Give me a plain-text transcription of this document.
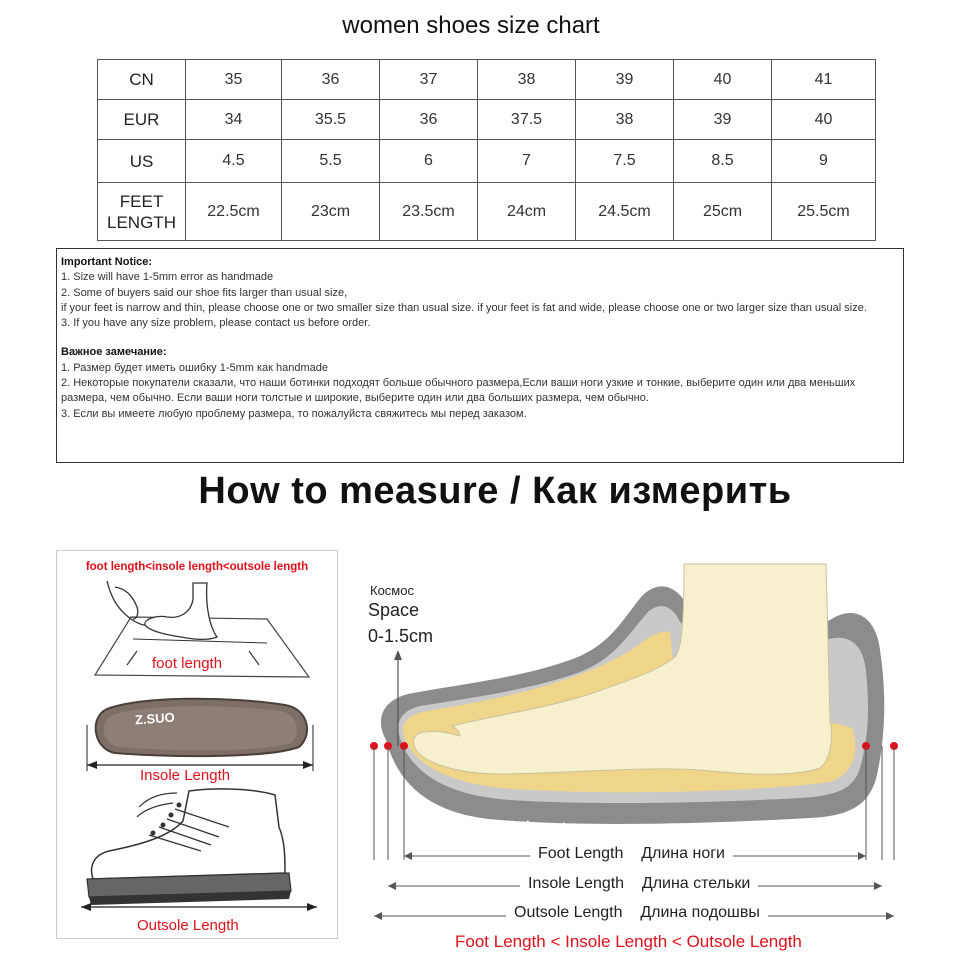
women shoes size chart
CN	35	36	37	38	39	40	41
EUR	34	35.5	36	37.5	38	39	40
US	4.5	5.5	6	7	7.5	8.5	9

FEET
LENGTH	22.5cm	23cm	23.5cm	24cm	24.5cm	25cm	25.5cm
Important Notice:
1. Size will have 1-5mm error as handmade
2. Some of buyers said our shoe fits larger than usual size,
if your feet is narrow and thin, please choose one or two smaller size than usual size. if your feet is fat and wide, please choose one or two larger size than usual size.
3. If you have any size problem, please contact us before order.
Важное замечание:
1. Размер будет иметь ошибку 1-5mm как handmade
2. Некоторые покупатели сказали, что наши ботинки подходят больше обычного размера,Если ваши ноги узкие и тонкие, выберите один или два меньших размера, чем обычно. Если ваши ноги толстые и широкие, выберите один или два больших размера, чем обычно.
3. Если вы имеете любую проблему размера, то пожалуйста свяжитесь мы перед заказом.
How to measure / Как измерить
foot length<insole length<outsole length
foot length
Z.SUO
Insole Length
Outsole Length
Космос
Space
0-1.5cm
Foot Length Длина ноги
Insole Length Длина стельки
Outsole Length Длина подошвы
Foot Length < Insole Length < Outsole Length
